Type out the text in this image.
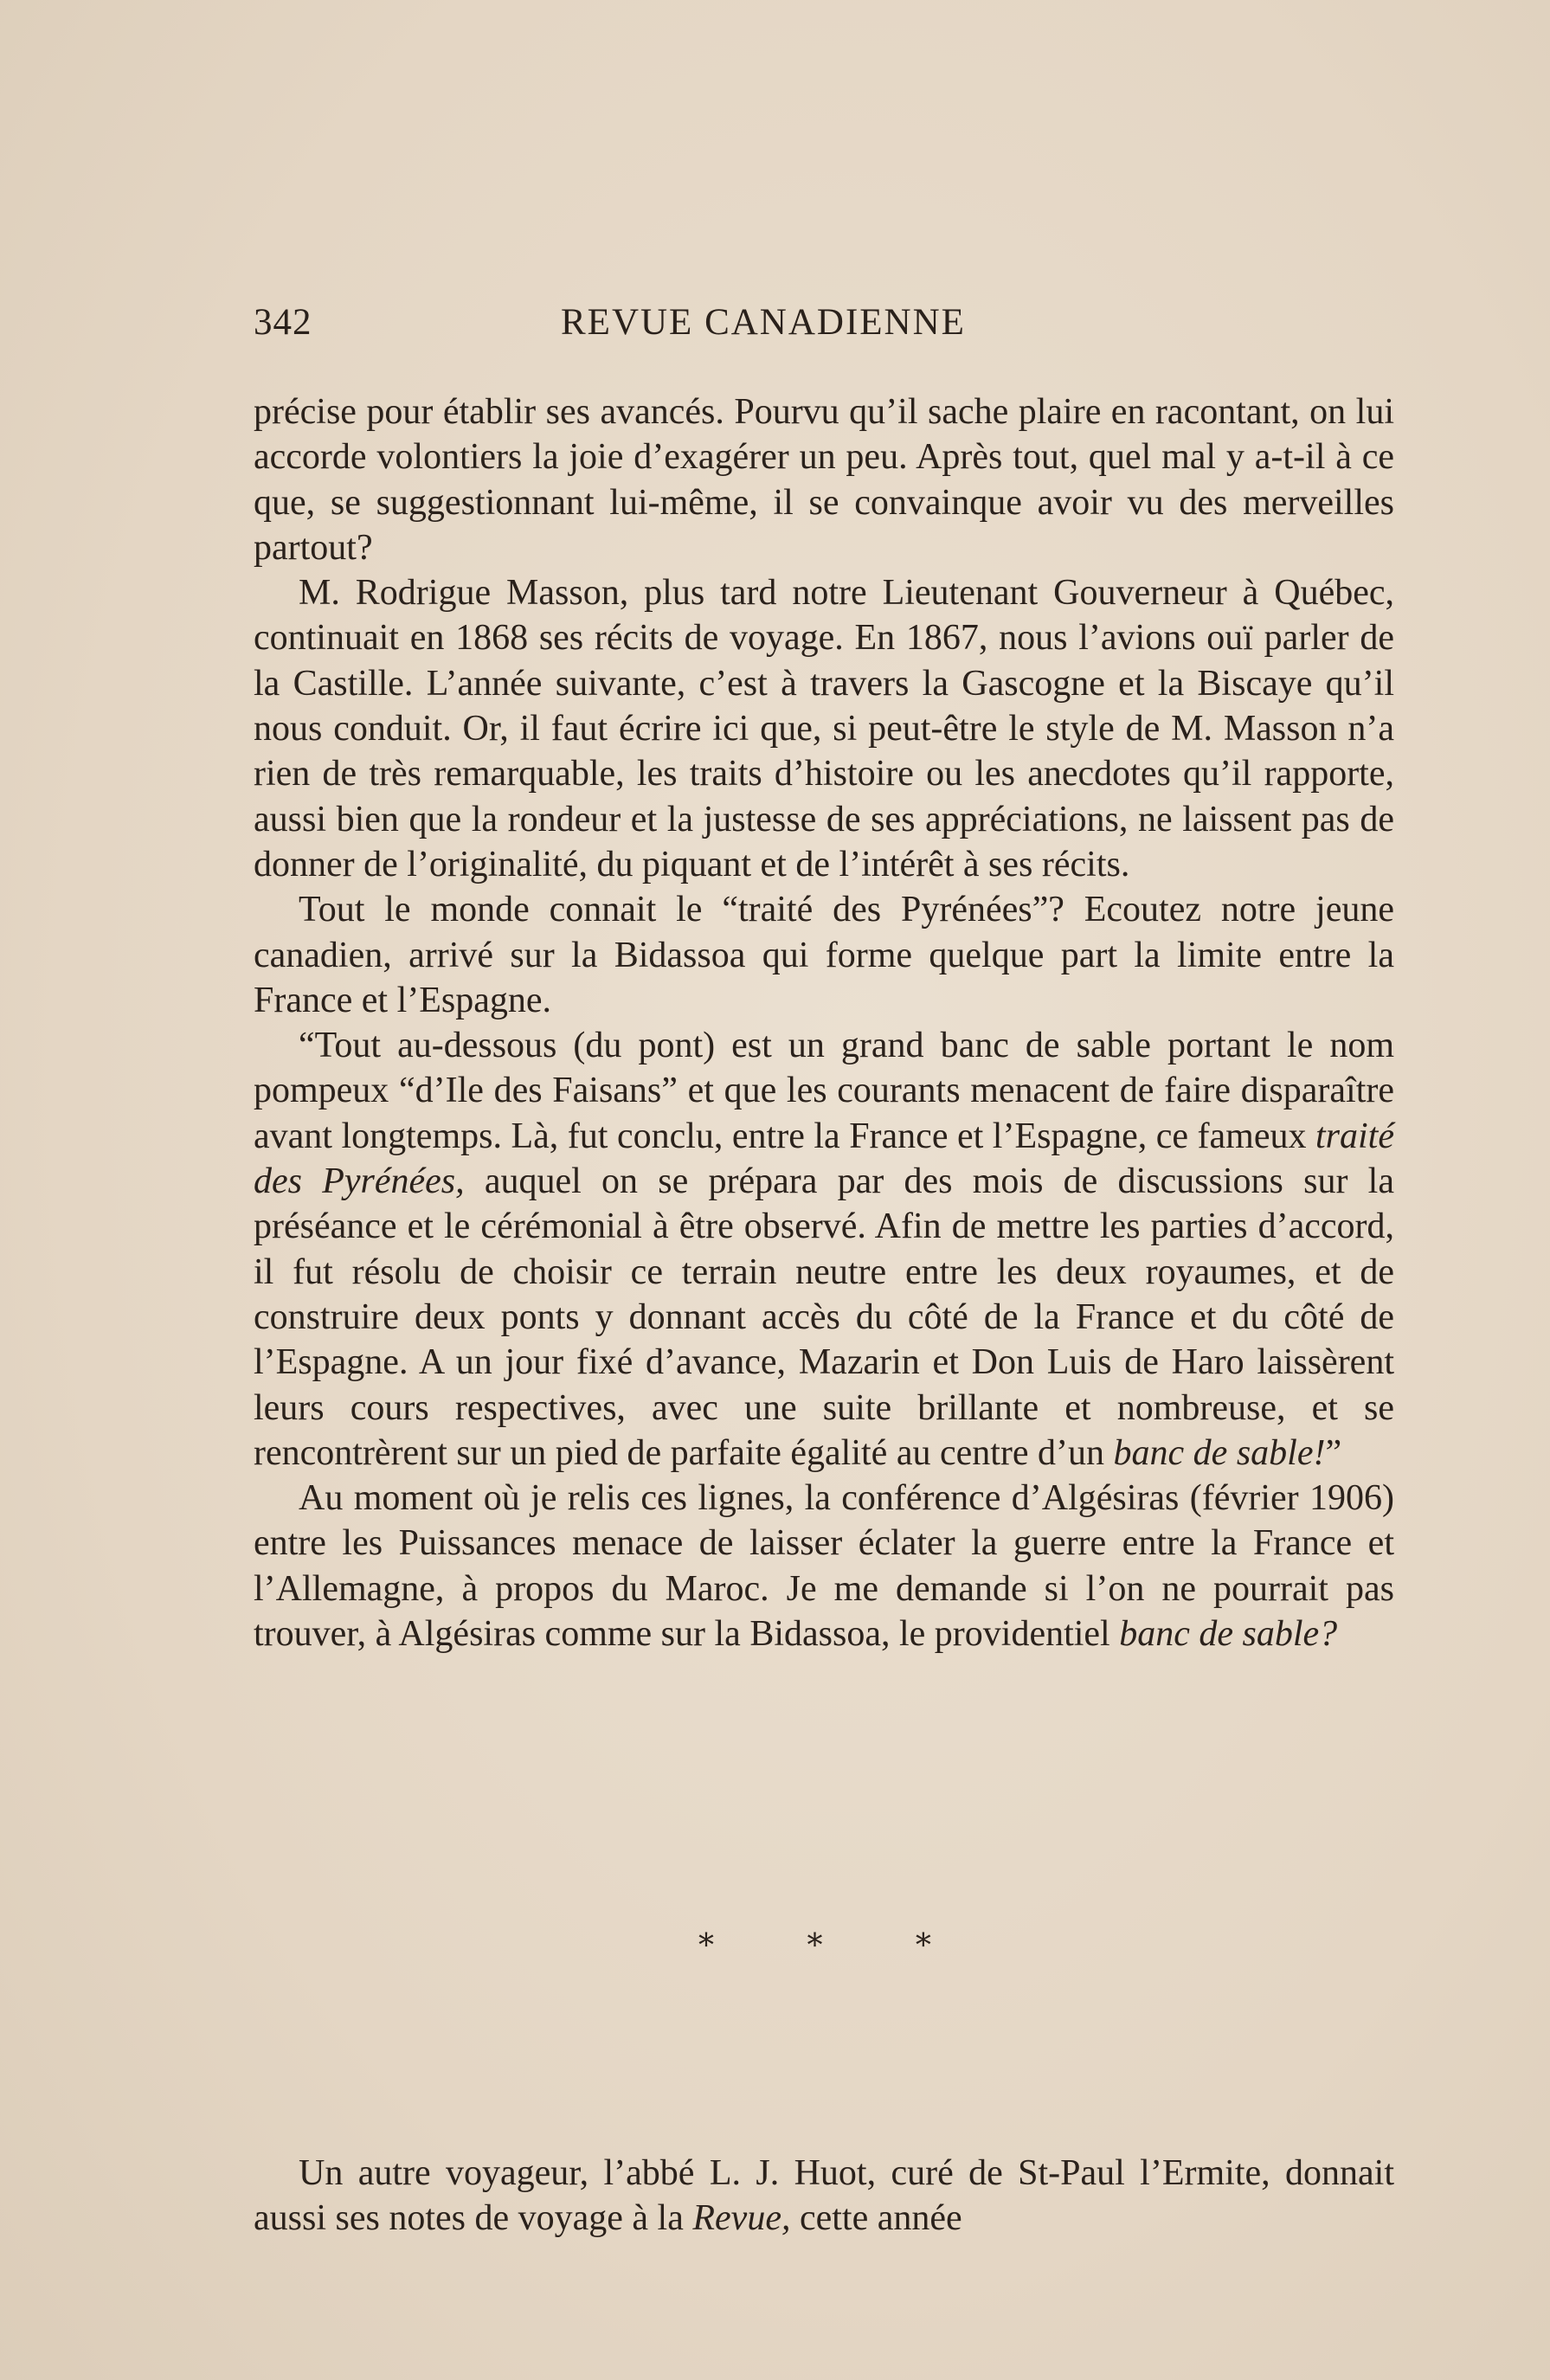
342	REVUE CANADIENNE

précise pour établir ses avancés. Pourvu qu’il sache plaire en racontant, on lui accorde volontiers la joie d’exagérer un peu. Après tout, quel mal y a-t-il à ce que, se suggestionnant lui-même, il se convainque avoir vu des merveilles partout?

M. Rodrigue Masson, plus tard notre Lieutenant Gouverneur à Québec, continuait en 1868 ses récits de voyage. En 1867, nous l’avions ouï parler de la Castille. L’année suivante, c’est à travers la Gascogne et la Biscaye qu’il nous conduit. Or, il faut écrire ici que, si peut-être le style de M. Masson n’a rien de très remarquable, les traits d’histoire ou les anecdotes qu’il rapporte, aussi bien que la rondeur et la justesse de ses appréciations, ne laissent pas de donner de l’originalité, du piquant et de l’intérêt à ses récits.

Tout le monde connait le “traité des Pyrénées”? Ecoutez notre jeune canadien, arrivé sur la Bidassoa qui forme quelque part la limite entre la France et l’Espagne.

“Tout au-dessous (du pont) est un grand banc de sable portant le nom pompeux “d’Ile des Faisans” et que les courants menacent de faire disparaître avant longtemps. Là, fut conclu, entre la France et l’Espagne, ce fameux traité des Pyrénées, auquel on se prépara par des mois de discussions sur la préséance et le cérémonial à être observé. Afin de mettre les parties d’accord, il fut résolu de choisir ce terrain neutre entre les deux royaumes, et de construire deux ponts y donnant accès du côté de la France et du côté de l’Espagne. A un jour fixé d’avance, Mazarin et Don Luis de Haro laissèrent leurs cours respectives, avec une suite brillante et nombreuse, et se rencontrèrent sur un pied de parfaite égalité au centre d’un banc de sable!”

Au moment où je relis ces lignes, la conférence d’Algésiras (février 1906) entre les Puissances menace de laisser éclater la guerre entre la France et l’Allemagne, à propos du Maroc. Je me demande si l’on ne pourrait pas trouver, à Algésiras comme sur la Bidassoa, le providentiel banc de sable?

* * *

Un autre voyageur, l’abbé L. J. Huot, curé de St-Paul l’Ermite, donnait aussi ses notes de voyage à la Revue, cette année
